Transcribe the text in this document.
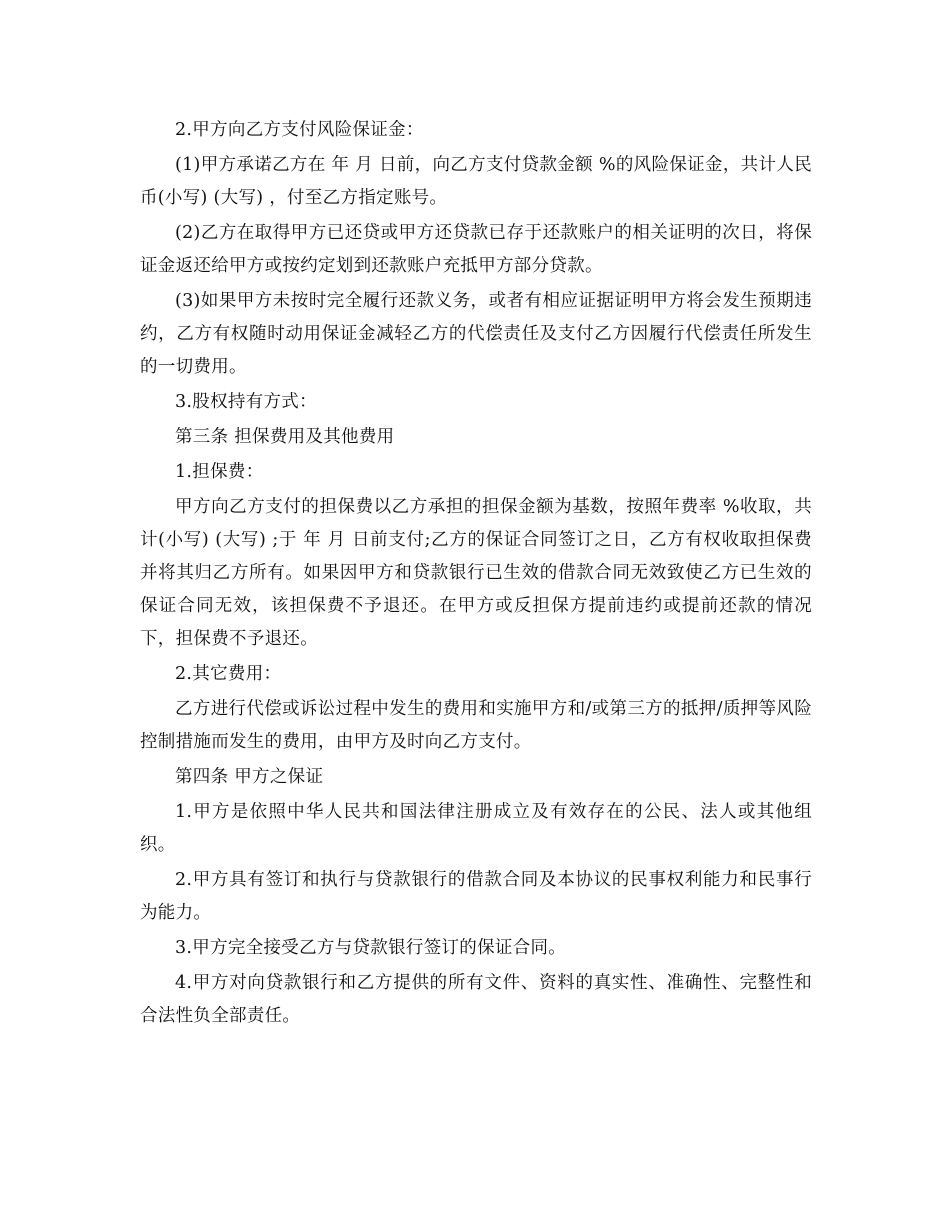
2.甲方向乙方支付风险保证金：

(1)甲方承诺乙方在 年 月 日前，向乙方支付贷款金额 %的风险保证金，共计人民币(小写) (大写) ，付至乙方指定账号。

(2)乙方在取得甲方已还贷或甲方还贷款已存于还款账户的相关证明的次日，将保证金返还给甲方或按约定划到还款账户充抵甲方部分贷款。

(3)如果甲方未按时完全履行还款义务，或者有相应证据证明甲方将会发生预期违约，乙方有权随时动用保证金减轻乙方的代偿责任及支付乙方因履行代偿责任所发生的一切费用。

3.股权持有方式：

第三条 担保费用及其他费用

1.担保费：

甲方向乙方支付的担保费以乙方承担的担保金额为基数，按照年费率 %收取，共计(小写) (大写) ;于 年 月 日前支付;乙方的保证合同签订之日，乙方有权收取担保费并将其归乙方所有。如果因甲方和贷款银行已生效的借款合同无效致使乙方已生效的保证合同无效，该担保费不予退还。在甲方或反担保方提前违约或提前还款的情况下，担保费不予退还。

2.其它费用：

乙方进行代偿或诉讼过程中发生的费用和实施甲方和/或第三方的抵押/质押等风险控制措施而发生的费用，由甲方及时向乙方支付。

第四条 甲方之保证

1.甲方是依照中华人民共和国法律注册成立及有效存在的公民、法人或其他组织。

2.甲方具有签订和执行与贷款银行的借款合同及本协议的民事权利能力和民事行为能力。

3.甲方完全接受乙方与贷款银行签订的保证合同。

4.甲方对向贷款银行和乙方提供的所有文件、资料的真实性、准确性、完整性和合法性负全部责任。
